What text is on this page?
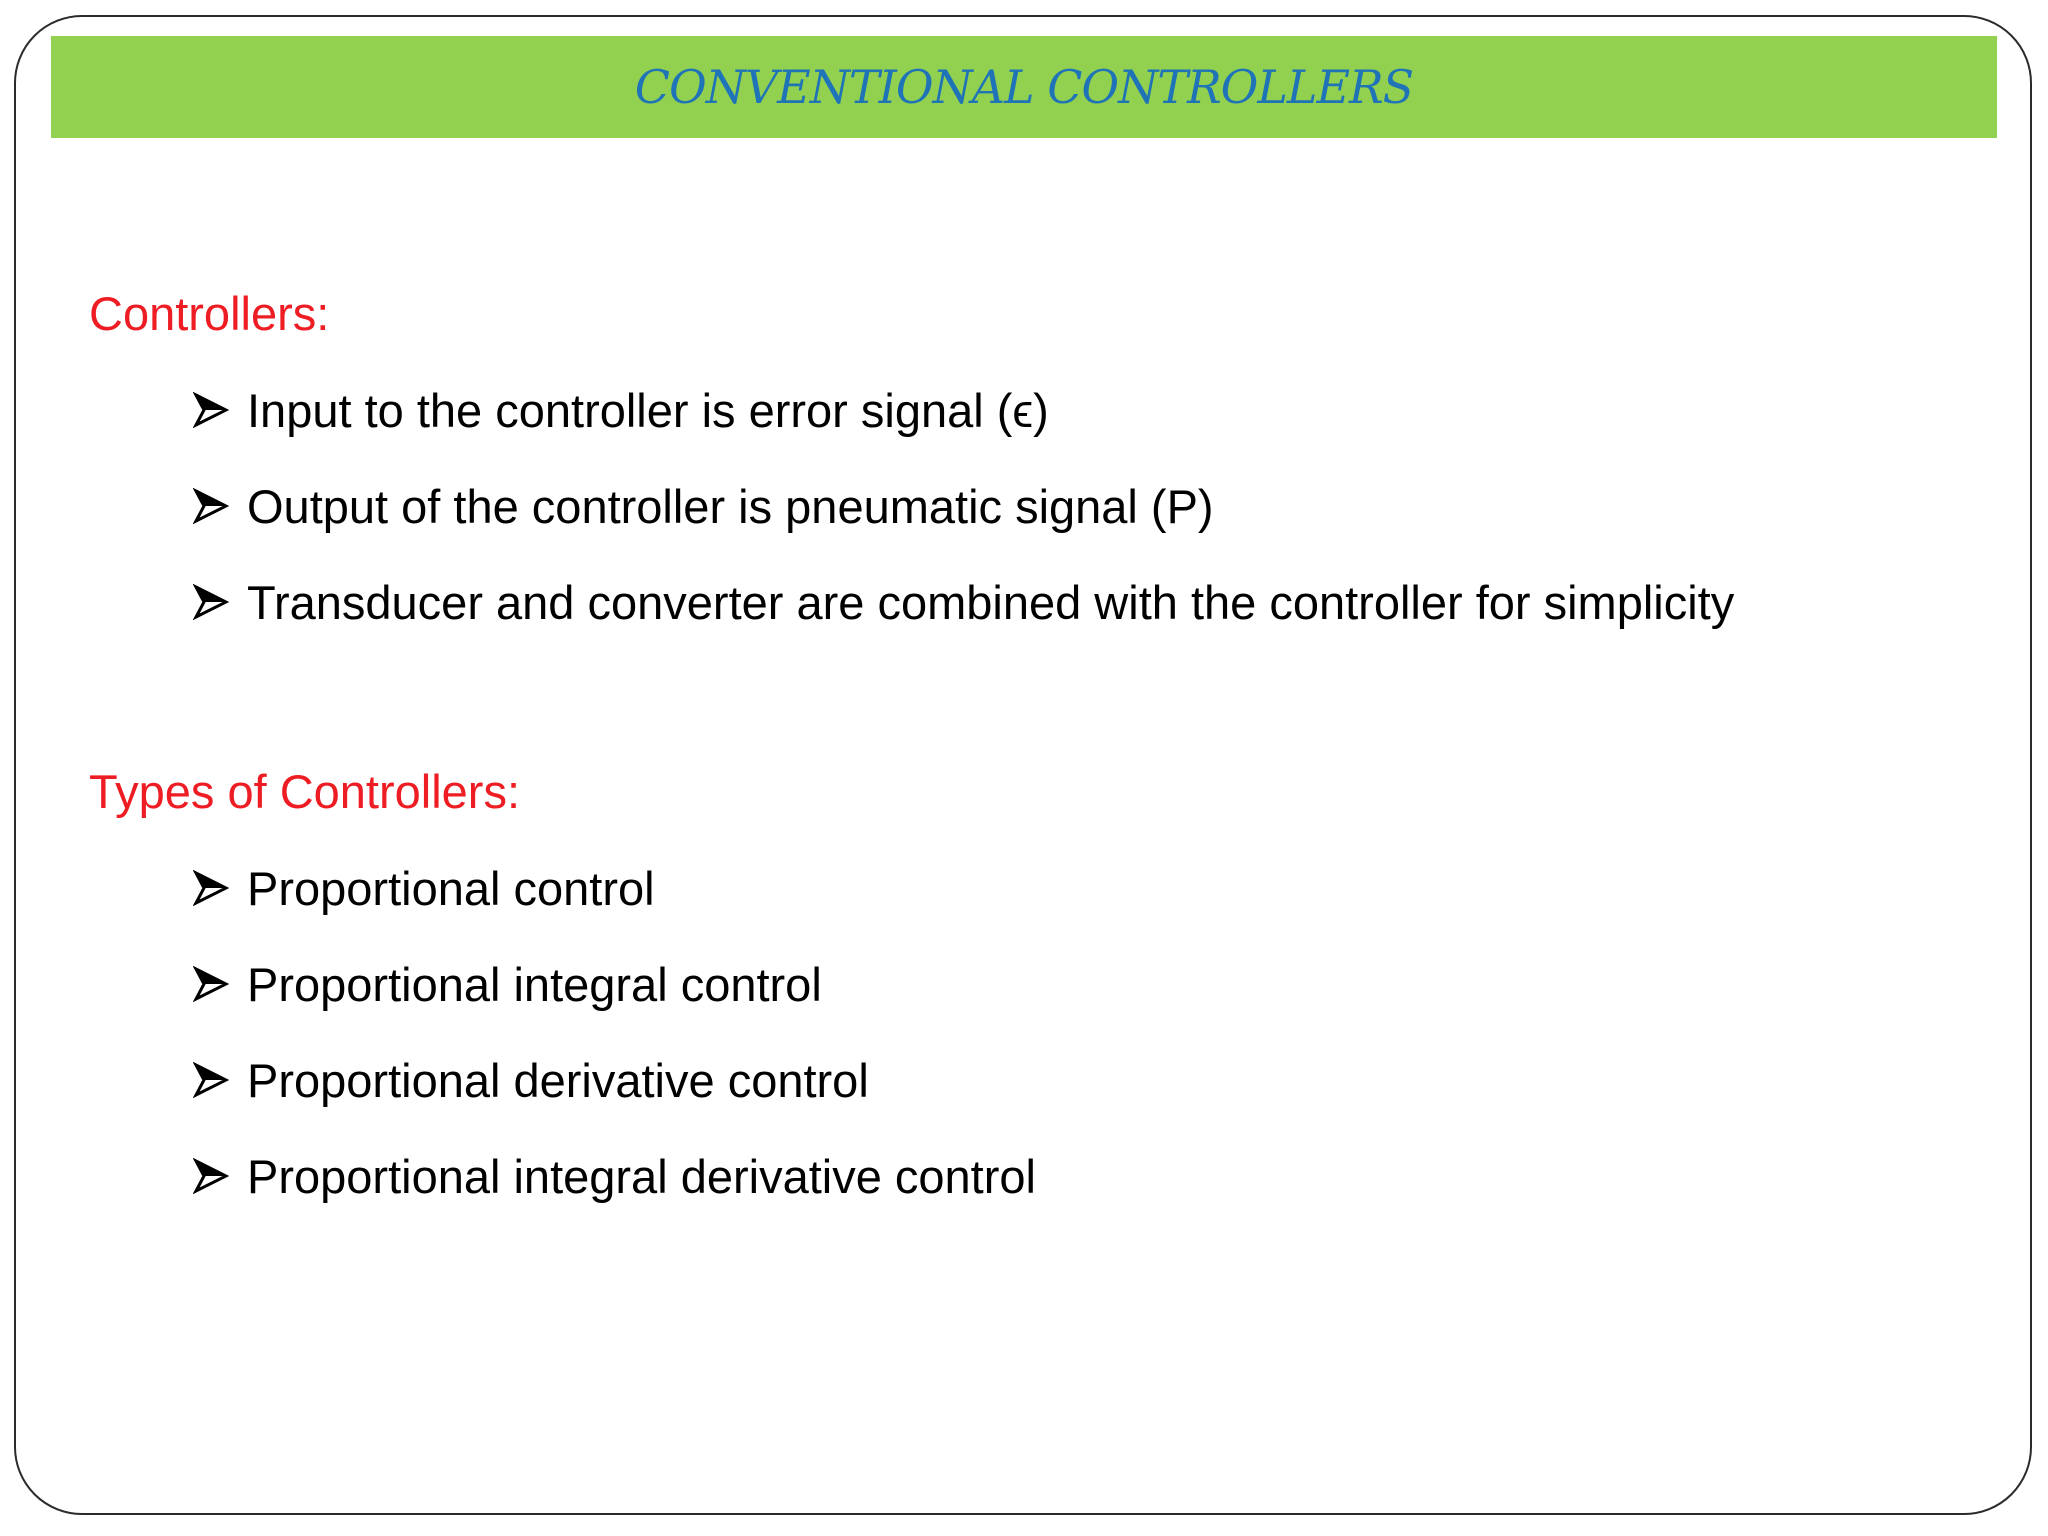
CONVENTIONAL CONTROLLERS
Controllers:
Input to the controller is error signal (ϵ)
Output of the controller is pneumatic signal (P)
Transducer and converter are combined with the controller for simplicity
Types of Controllers:
Proportional control
Proportional integral control
Proportional derivative control
Proportional integral derivative control
